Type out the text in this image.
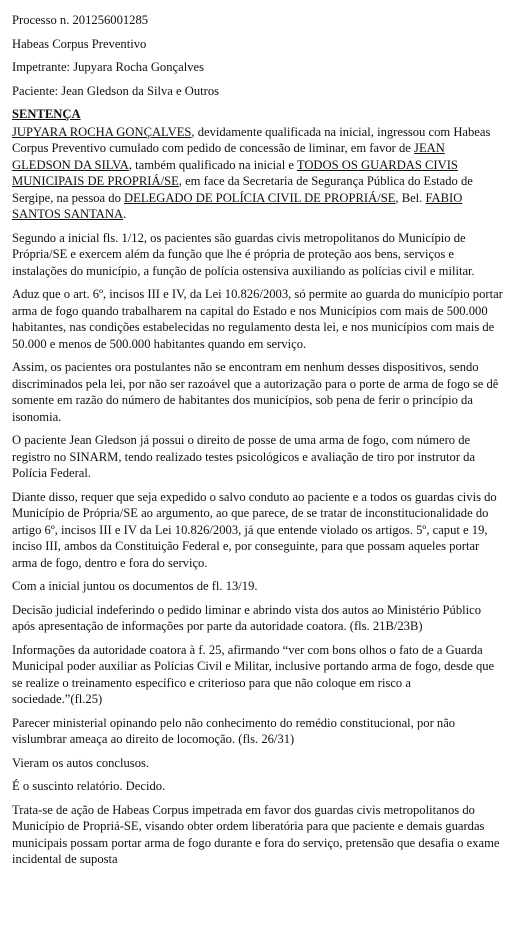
Processo n. 201256001285

Habeas Corpus Preventivo

Impetrante: Jupyara Rocha Gonçalves

Paciente: Jean Gledson da Silva e Outros

SENTENÇA

JUPYARA ROCHA GONÇALVES, devidamente qualificada na inicial, ingressou com Habeas Corpus Preventivo cumulado com pedido de concessão de liminar, em favor de JEAN GLEDSON DA SILVA, também qualificado na inicial e TODOS OS GUARDAS CIVIS MUNICIPAIS DE PROPRIÁ/SE, em face da Secretaria de Segurança Pública do Estado de Sergipe, na pessoa do DELEGADO DE POLÍCIA CIVIL DE PROPRIÁ/SE, Bel. FABIO SANTOS SANTANA.

Segundo a inicial fls. 1/12, os pacientes são guardas civis metropolitanos do Município de Própria/SE e exercem além da função que lhe é própria de proteção aos bens, serviços e instalações do município, a função de polícia ostensiva auxiliando as polícias civil e militar.

Aduz que o art. 6º, incisos III e IV, da Lei 10.826/2003, só permite ao guarda do município portar arma de fogo quando trabalharem na capital do Estado e nos Municípios com mais de 500.000 habitantes, nas condições estabelecidas no regulamento desta lei, e nos municípios com mais de 50.000 e menos de 500.000 habitantes quando em serviço.

Assim, os pacientes ora postulantes não se encontram em nenhum desses dispositivos, sendo discriminados pela lei, por não ser razoável que a autorização para o porte de arma de fogo se dê somente em razão do número de habitantes dos municípios, sob pena de ferir o princípio da isonomia.

O paciente Jean Gledson já possui o direito de posse de uma arma de fogo, com número de registro no SINARM, tendo realizado testes psicológicos e avaliação de tiro por instrutor da Polícia Federal.

Diante disso, requer que seja expedido o salvo conduto ao paciente e a todos os guardas civis do Município de Própria/SE ao argumento, ao que parece, de se tratar de inconstitucionalidade do artigo 6º, incisos III e IV da Lei 10.826/2003, já que entende violado os artigos. 5º, caput e 19, inciso III, ambos da Constituição Federal e, por conseguinte, para que possam aqueles portar arma de fogo, dentro e fora do serviço.

Com a inicial juntou os documentos de fl. 13/19.

Decisão judicial indeferindo o pedido liminar e abrindo vista dos autos ao Ministério Público após apresentação de informações por parte da autoridade coatora. (fls. 21B/23B)

Informações da autoridade coatora à f. 25, afirmando “ver com bons olhos o fato de a Guarda Municipal poder auxiliar as Polícias Civil e Militar, inclusive portando arma de fogo, desde que se realize o treinamento específico e criterioso para que não coloque em risco a sociedade.”(fl.25)

Parecer ministerial opinando pelo não conhecimento do remédio constitucional, por não vislumbrar ameaça ao direito de locomoção. (fls. 26/31)

Vieram os autos conclusos.

É o suscinto relatório. Decido.

Trata-se de ação de Habeas Corpus impetrada em favor dos guardas civis metropolitanos do Município de Propriá-SE, visando obter ordem liberatória para que paciente e demais guardas municipais possam portar arma de fogo durante e fora do serviço, pretensão que desafia o exame incidental de suposta
